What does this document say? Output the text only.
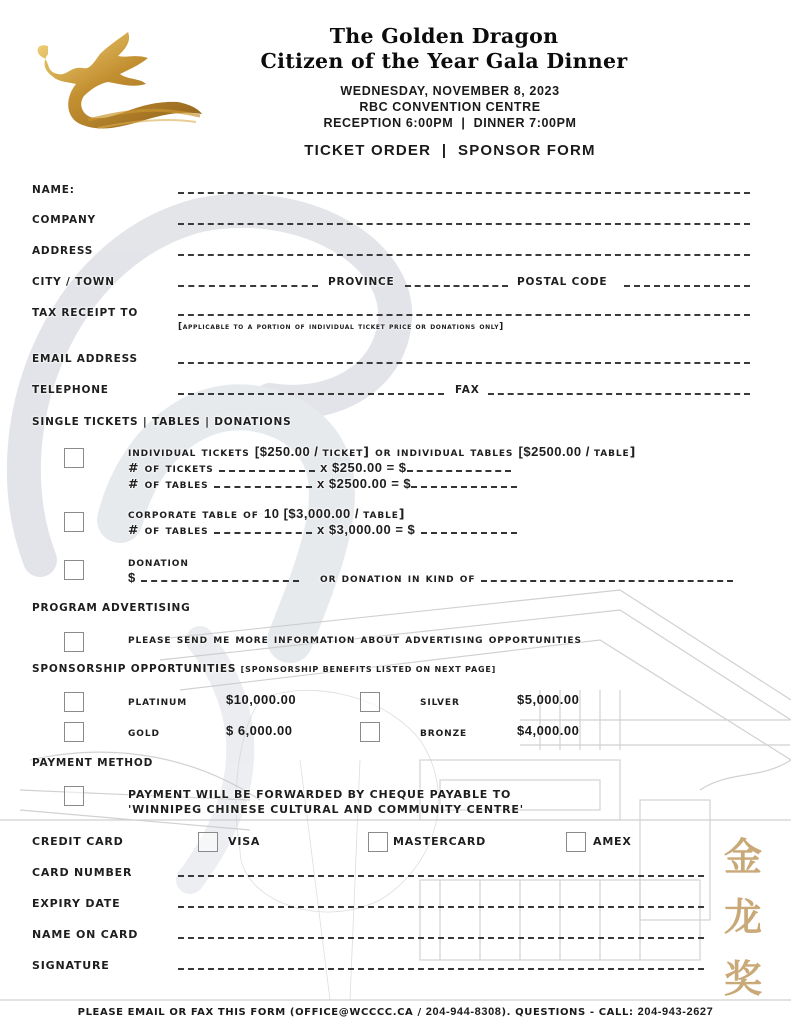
The Golden Dragon
Citizen of the Year Gala Dinner
WEDNESDAY, NOVEMBER 8, 2023
RBC CONVENTION CENTRE
RECEPTION 6:00PM  |  DINNER 7:00PM
TICKET ORDER  |  SPONSOR FORM
NAME:
COMPANY
ADDRESS
CITY / TOWN	PROVINCE	POSTAL CODE
TAX RECEIPT TO
[applicable to a portion of individual ticket price or donations only]
EMAIL ADDRESS
TELEPHONE	FAX
SINGLE TICKETS | TABLES | DONATIONS
individual tickets [$250.00 / ticket] or individual tables [$2500.00 / table]
# of tickets	x $250.00 = $
# of tables	x $2500.00 = $
corporate table of 10 [$3,000.00 / table]
# of tables	x $3,000.00 = $
donation
$	or donation in kind of
PROGRAM ADVERTISING
please send me more information about advertising opportunities
SPONSORSHIP OPPORTUNITIES [SPONSORSHIP BENEFITS LISTED ON NEXT PAGE]
platinum	$10,000.00
gold	$ 6,000.00
silver	$5,000.00
bronze	$4,000.00
PAYMENT METHOD
PAYMENT WILL BE FORWARDED BY CHEQUE PAYABLE TO
'WINNIPEG CHINESE CULTURAL AND COMMUNITY CENTRE'
CREDIT CARD	VISA	MASTERCARD	AMEX
CARD NUMBER
EXPIRY DATE
NAME ON CARD
SIGNATURE
金
龙
奖
PLEASE EMAIL OR FAX THIS FORM (OFFICE@WCCCC.CA / 204-944-8308). QUESTIONS - CALL: 204-943-2627
